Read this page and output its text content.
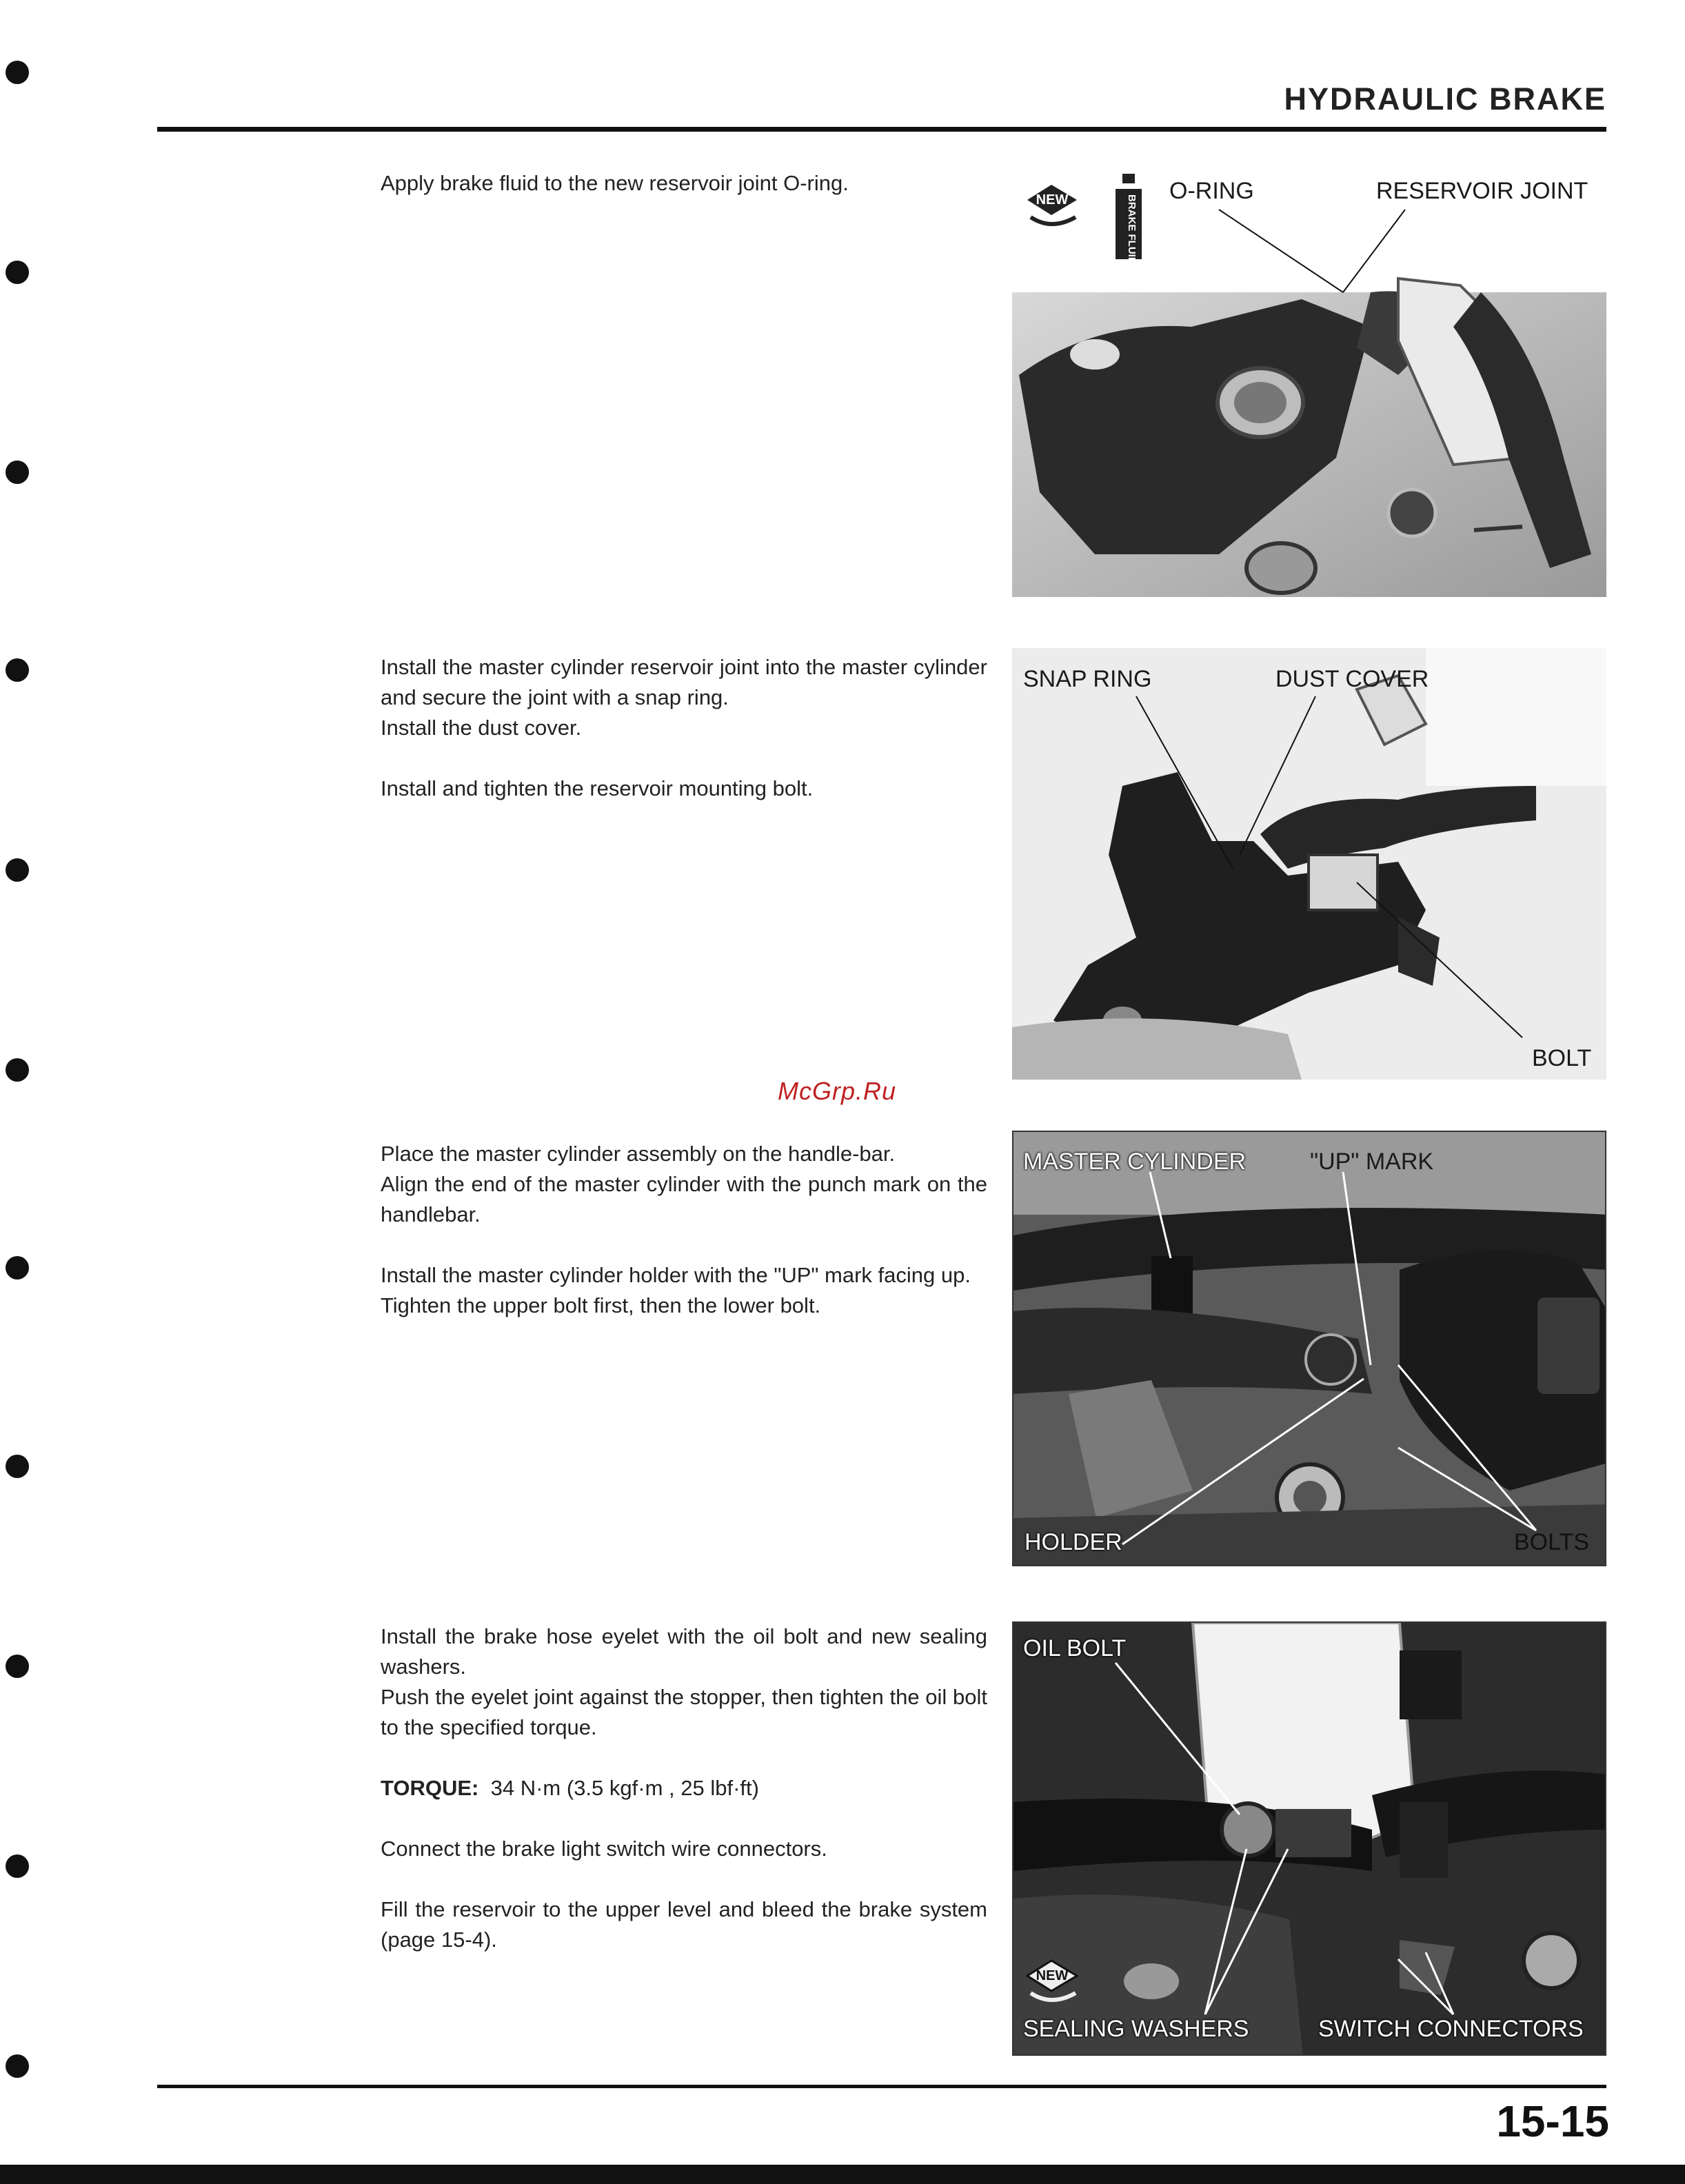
HYDRAULIC BRAKE
McGrp.Ru

Apply brake fluid to the new reservoir joint O-ring.

NEW	BRAKE FLUID
O-RING	RESERVOIR JOINT

Install the master cylinder reservoir joint into the master cylinder and secure the joint with a snap ring.

Install the dust cover.

Install and tighten the reservoir mounting bolt.

SNAP RING	DUST COVER
BOLT

Place the master cylinder assembly on the handle-bar.

Align the end of the master cylinder with the punch mark on the handlebar.

Install the master cylinder holder with the "UP" mark facing up.

Tighten the upper bolt first, then the lower bolt.

MASTER CYLINDER	"UP" MARK
HOLDER	BOLTS

Install the brake hose eyelet with the oil bolt and new sealing washers.

Push the eyelet joint against the stopper, then tighten the oil bolt to the specified torque.

TORQUE: 34 N·m (3.5 kgf·m , 25 lbf·ft)

Connect the brake light switch wire connectors.

Fill the reservoir to the upper level and bleed the brake system (page 15-4).

OIL BOLT
SEALING WASHERS	SWITCH CONNECTORS
NEW
15-15
